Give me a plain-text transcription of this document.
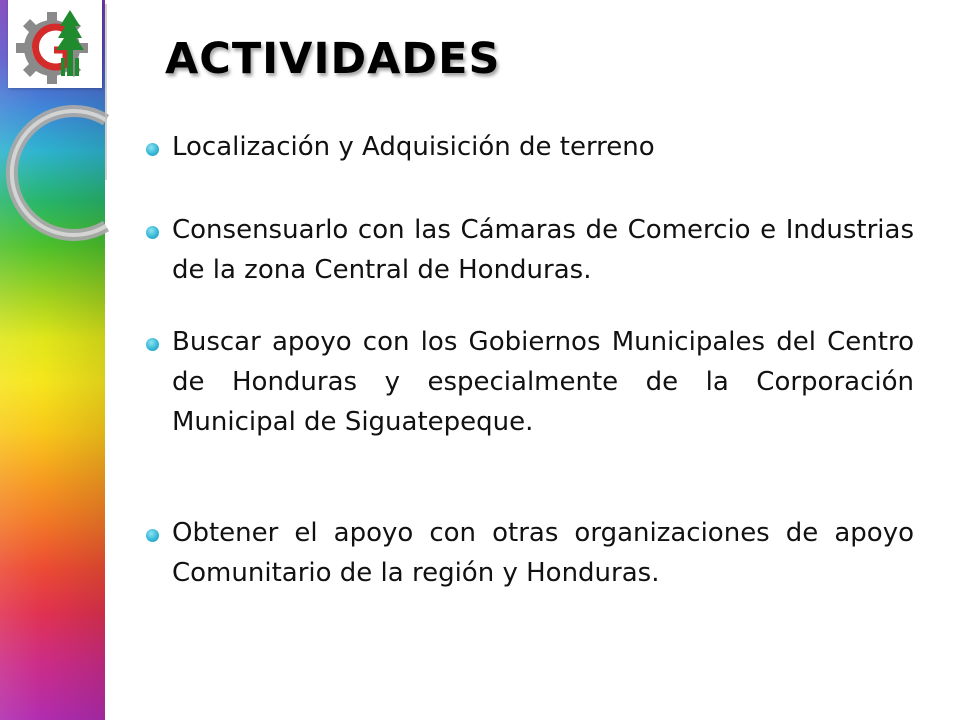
ACTIVIDADES
Localización y Adquisición de terreno
Consensuarlo con las Cámaras de Comercio e Industrias de la zona Central de Honduras.
Buscar apoyo con los Gobiernos Municipales del Centro de Honduras y especialmente de la Corporación Municipal de Siguatepeque.
Obtener el apoyo con otras organizaciones de apoyo Comunitario de la región y Honduras.
